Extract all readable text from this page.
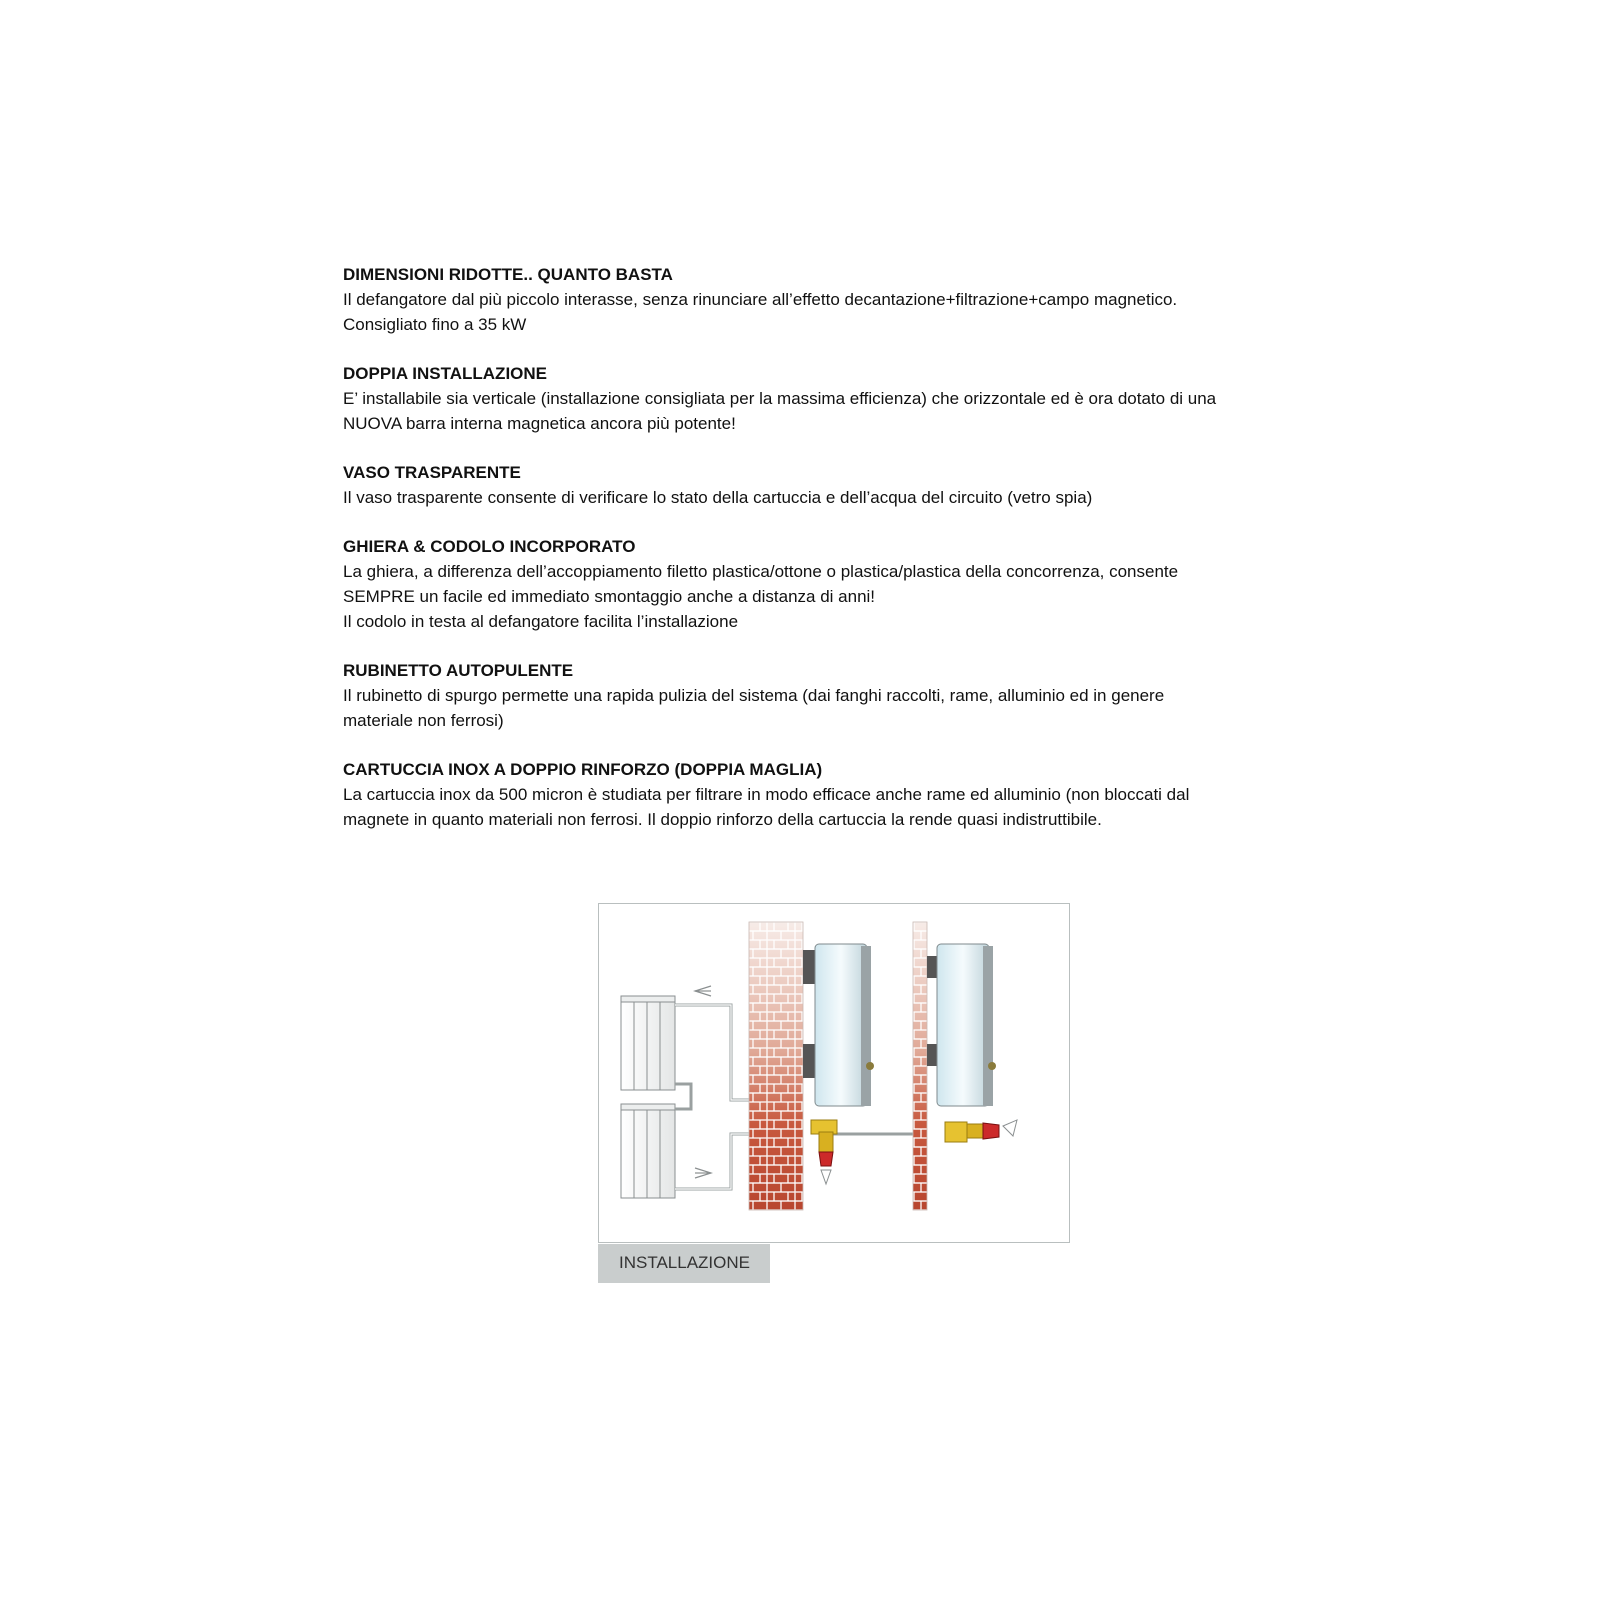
DIMENSIONI RIDOTTE.. QUANTO BASTA

Il defangatore dal più piccolo interasse, senza rinunciare all’effetto decantazione+filtrazione+campo magnetico.

Consigliato fino a 35 kW

DOPPIA INSTALLAZIONE

E’ installabile sia verticale (installazione consigliata per la massima efficienza) che orizzontale ed è ora dotato di una

NUOVA barra interna magnetica ancora più potente!

VASO TRASPARENTE

Il vaso trasparente consente di verificare lo stato della cartuccia e dell’acqua del circuito (vetro spia)

GHIERA & CODOLO INCORPORATO

La ghiera, a differenza dell’accoppiamento filetto plastica/ottone o plastica/plastica della concorrenza, consente

SEMPRE un facile ed immediato smontaggio anche a distanza di anni!

Il codolo in testa al defangatore facilita l’installazione

RUBINETTO AUTOPULENTE

Il rubinetto di spurgo permette una rapida pulizia del sistema (dai fanghi raccolti, rame, alluminio ed in genere

materiale non ferrosi)

CARTUCCIA INOX A DOPPIO RINFORZO (DOPPIA MAGLIA)

La cartuccia inox da 500 micron è studiata per filtrare in modo efficace anche rame ed alluminio (non bloccati dal

magnete in quanto materiali non ferrosi. Il doppio rinforzo della cartuccia la rende quasi indistruttibile.

INSTALLAZIONE
